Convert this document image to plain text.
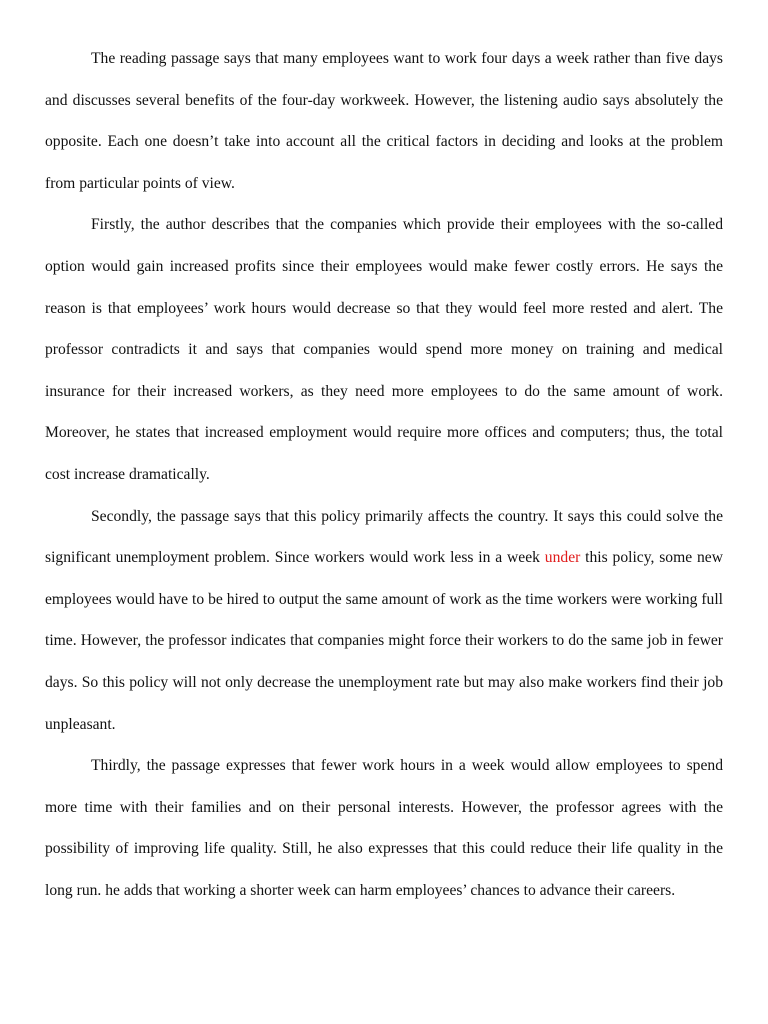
The reading passage says that many employees want to work four days a week rather than five days and discusses several benefits of the four-day workweek. However, the listening audio says absolutely the opposite. Each one doesn’t take into account all the critical factors in deciding and looks at the problem from particular points of view.

Firstly, the author describes that the companies which provide their employees with the so-called option would gain increased profits since their employees would make fewer costly errors. He says the reason is that employees’ work hours would decrease so that they would feel more rested and alert. The professor contradicts it and says that companies would spend more money on training and medical insurance for their increased workers, as they need more employees to do the same amount of work. Moreover, he states that increased employment would require more offices and computers; thus, the total cost increase dramatically.

Secondly, the passage says that this policy primarily affects the country. It says this could solve the significant unemployment problem. Since workers would work less in a week under this policy, some new employees would have to be hired to output the same amount of work as the time workers were working full time. However, the professor indicates that companies might force their workers to do the same job in fewer days. So this policy will not only decrease the unemployment rate but may also make workers find their job unpleasant.

Thirdly, the passage expresses that fewer work hours in a week would allow employees to spend more time with their families and on their personal interests. However, the professor agrees with the possibility of improving life quality. Still, he also expresses that this could reduce their life quality in the long run. he adds that working a shorter week can harm employees’ chances to advance their careers.
